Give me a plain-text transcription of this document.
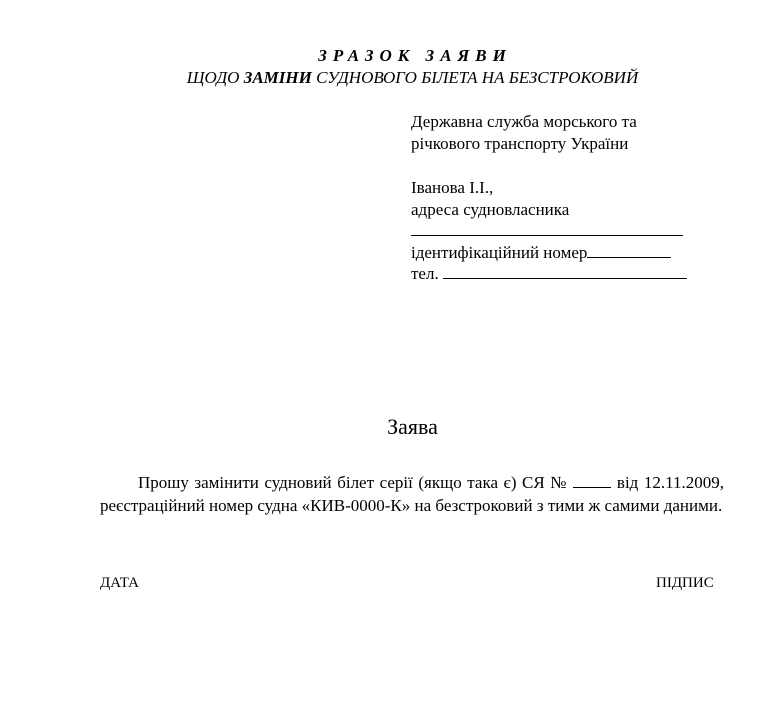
ЗРАЗОК ЗАЯВИ
ЩОДО ЗАМІНИ СУДНОВОГО БІЛЕТА НА БЕЗСТРОКОВИЙ
Державна служба морського та
річкового транспорту України
Іванова І.І.,
адреса судновласника
ідентифікаційний номер
тел.
Заява
Прошу замінити судновий білет серії (якщо така є) СЯ №  від 12.11.2009, реєстраційний номер судна «КИВ-0000-К» на безстроковий з тими ж самими даними.
ДАТА	ПІДПИС
